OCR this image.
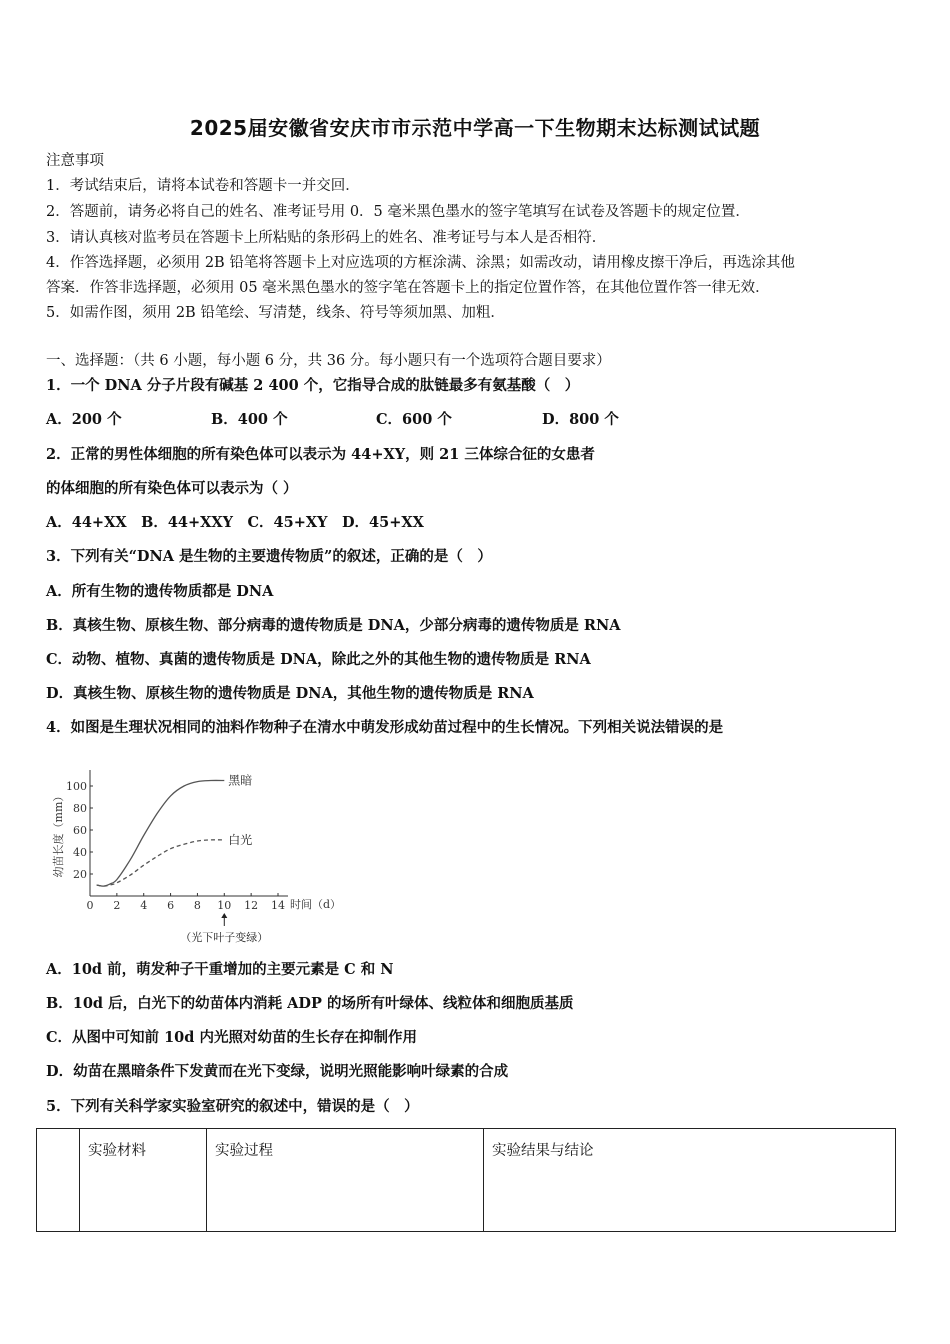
2025届安徽省安庆市市示范中学高一下生物期末达标测试试题
注意事项
1．考试结束后，请将本试卷和答题卡一并交回．
2．答题前，请务必将自己的姓名、准考证号用 0．5 毫米黑色墨水的签字笔填写在试卷及答题卡的规定位置．
3．请认真核对监考员在答题卡上所粘贴的条形码上的姓名、准考证号与本人是否相符．
4．作答选择题，必须用 2B 铅笔将答题卡上对应选项的方框涂满、涂黑；如需改动，请用橡皮擦干净后，再选涂其他
答案．作答非选择题，必须用 05 毫米黑色墨水的签字笔在答题卡上的指定位置作答，在其他位置作答一律无效．
5．如需作图，须用 2B 铅笔绘、写清楚，线条、符号等须加黑、加粗．
一、选择题：（共 6 小题，每小题 6 分，共 36 分。每小题只有一个选项符合题目要求）
1．一个 DNA 分子片段有碱基 2 400 个，它指导合成的肽链最多有氨基酸（　）
A．200 个	B．400 个	C．600 个	D．800 个
2．正常的男性体细胞的所有染色体可以表示为 44+XY，则 21 三体综合征的女患者
的体细胞的所有染色体可以表示为（ ）
A．44+XX　B．44+XXY　C．45+XY　D．45+XX
3．下列有关“DNA 是生物的主要遗传物质”的叙述，正确的是（　）
A．所有生物的遗传物质都是 DNA
B．真核生物、原核生物、部分病毒的遗传物质是 DNA，少部分病毒的遗传物质是 RNA
C．动物、植物、真菌的遗传物质是 DNA，除此之外的其他生物的遗传物质是 RNA
D．真核生物、原核生物的遗传物质是 DNA，其他生物的遗传物质是 RNA
4．如图是生理状况相同的油料作物种子在清水中萌发形成幼苗过程中的生长情况。下列相关说法错误的是
幼苗长度（mm）
时间（d）
0 2 4 6 8 10 12 14
20
40
60
80
100	黑暗
白光
（光下叶子变绿）
A．10d 前，萌发种子干重增加的主要元素是 C 和 N
B．10d 后，白光下的幼苗体内消耗 ADP 的场所有叶绿体、线粒体和细胞质基质
C．从图中可知前 10d 内光照对幼苗的生长存在抑制作用
D．幼苗在黑暗条件下发黄而在光下变绿，说明光照能影响叶绿素的合成
5．下列有关科学家实验室研究的叙述中，错误的是（　）
	实验材料	实验过程	实验结果与结论
